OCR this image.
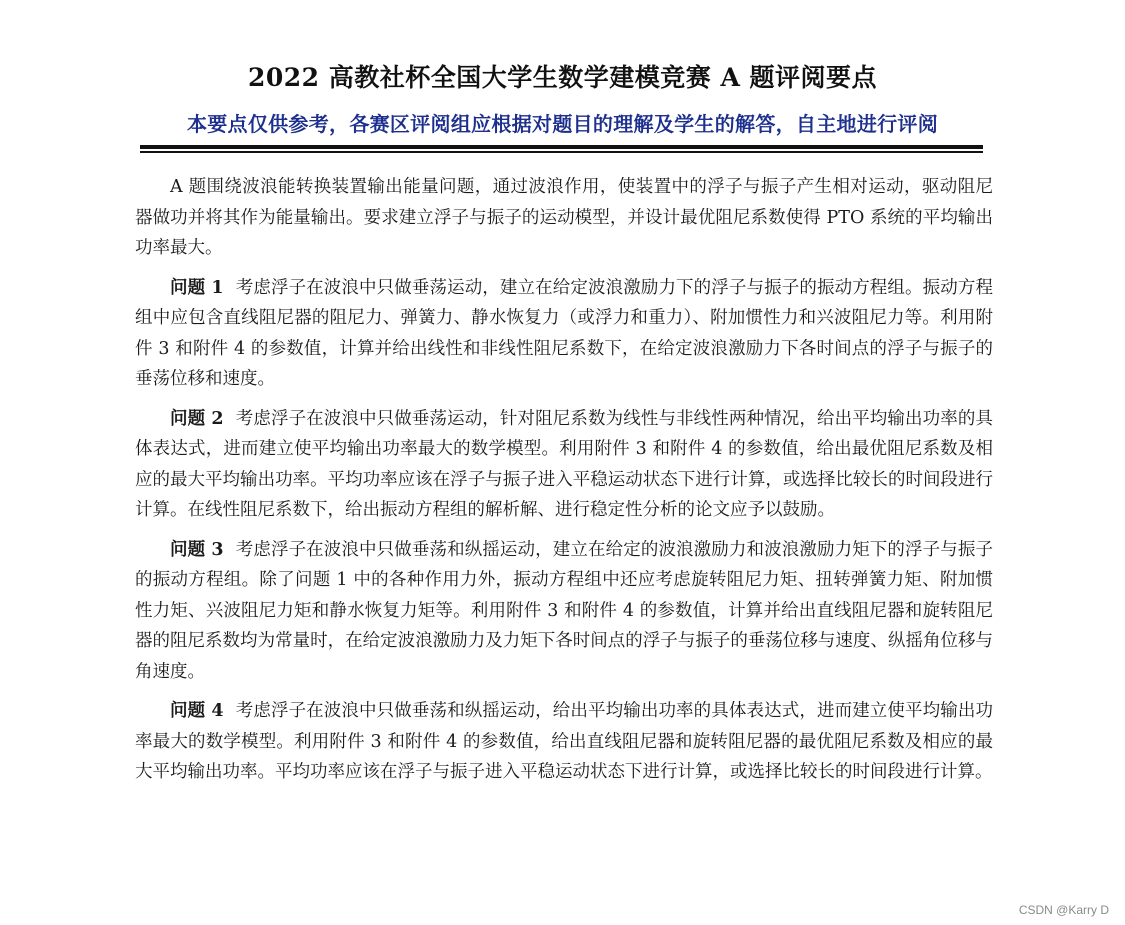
2022 高教社杯全国大学生数学建模竞赛 A 题评阅要点
本要点仅供参考，各赛区评阅组应根据对题目的理解及学生的解答，自主地进行评阅

A 题围绕波浪能转换装置输出能量问题，通过波浪作用，使装置中的浮子与振子产生相对运动，驱动阻尼器做功并将其作为能量输出。要求建立浮子与振子的运动模型，并设计最优阻尼系数使得 PTO 系统的平均输出功率最大。

问题 1 考虑浮子在波浪中只做垂荡运动，建立在给定波浪激励力下的浮子与振子的振动方程组。振动方程组中应包含直线阻尼器的阻尼力、弹簧力、静水恢复力（或浮力和重力）、附加惯性力和兴波阻尼力等。利用附件 3 和附件 4 的参数值，计算并给出线性和非线性阻尼系数下，在给定波浪激励力下各时间点的浮子与振子的垂荡位移和速度。

问题 2 考虑浮子在波浪中只做垂荡运动，针对阻尼系数为线性与非线性两种情况，给出平均输出功率的具体表达式，进而建立使平均输出功率最大的数学模型。利用附件 3 和附件 4 的参数值，给出最优阻尼系数及相应的最大平均输出功率。平均功率应该在浮子与振子进入平稳运动状态下进行计算，或选择比较长的时间段进行计算。在线性阻尼系数下，给出振动方程组的解析解、进行稳定性分析的论文应予以鼓励。

问题 3 考虑浮子在波浪中只做垂荡和纵摇运动，建立在给定的波浪激励力和波浪激励力矩下的浮子与振子的振动方程组。除了问题 1 中的各种作用力外，振动方程组中还应考虑旋转阻尼力矩、扭转弹簧力矩、附加惯性力矩、兴波阻尼力矩和静水恢复力矩等。利用附件 3 和附件 4 的参数值，计算并给出直线阻尼器和旋转阻尼器的阻尼系数均为常量时，在给定波浪激励力及力矩下各时间点的浮子与振子的垂荡位移与速度、纵摇角位移与角速度。

问题 4 考虑浮子在波浪中只做垂荡和纵摇运动，给出平均输出功率的具体表达式，进而建立使平均输出功率最大的数学模型。利用附件 3 和附件 4 的参数值，给出直线阻尼器和旋转阻尼器的最优阻尼系数及相应的最大平均输出功率。平均功率应该在浮子与振子进入平稳运动状态下进行计算，或选择比较长的时间段进行计算。

CSDN @Karry D
